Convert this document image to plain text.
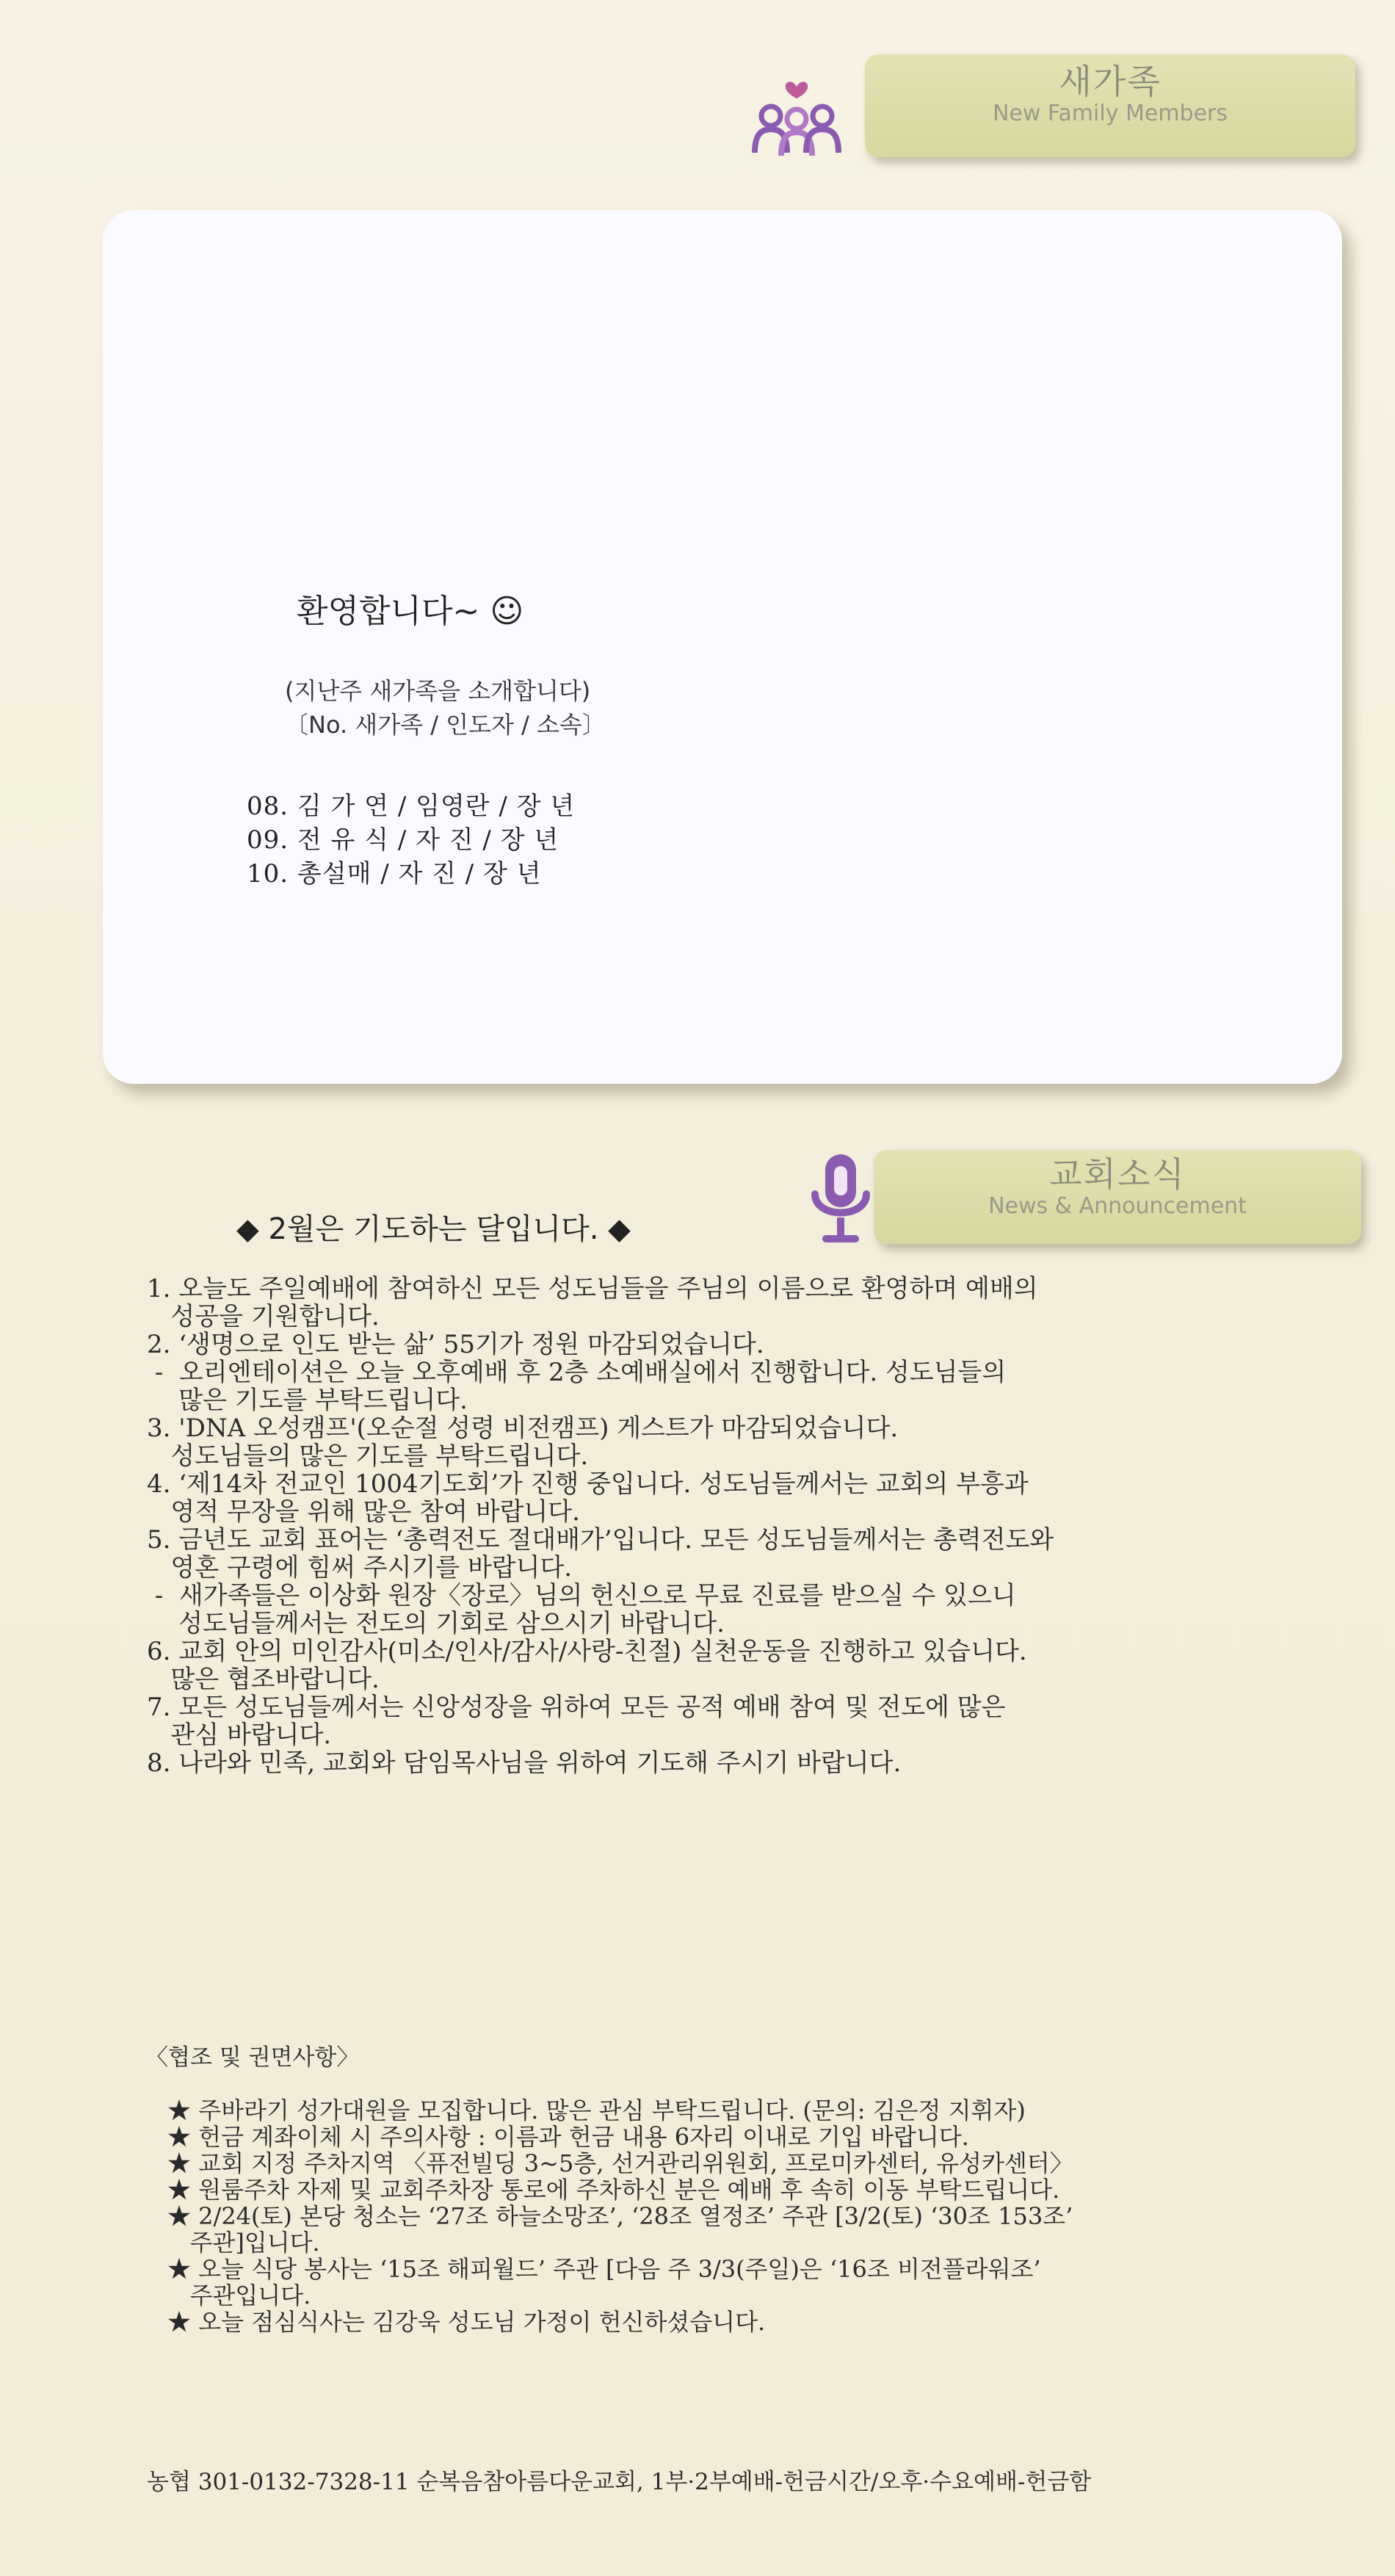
새가족
New Family Members
환영합니다~ ☺
(지난주 새가족을 소개합니다)
〔No. 새가족 / 인도자 / 소속〕
08. 김 가 연 / 임영란 / 장 년
09. 전 유 식 / 자 진 / 장 년
10. 총설매 / 자 진 / 장 년
◆ 2월은 기도하는 달입니다. ◆
교회소식
News & Announcement
1. 오늘도 주일예배에 참여하신 모든 성도님들을 주님의 이름으로 환영하며 예배의
성공을 기원합니다.
2. ‘생명으로 인도 받는 삶’ 55기가 정원 마감되었습니다.
-  오리엔테이션은 오늘 오후예배 후 2층 소예배실에서 진행합니다. 성도님들의
많은 기도를 부탁드립니다.
3. 'DNA 오성캠프'(오순절 성령 비전캠프) 게스트가 마감되었습니다.
성도님들의 많은 기도를 부탁드립니다.
4. ‘제14차 전교인 1004기도회’가 진행 중입니다. 성도님들께서는 교회의 부흥과
영적 무장을 위해 많은 참여 바랍니다.
5. 금년도 교회 표어는 ‘총력전도 절대배가’입니다. 모든 성도님들께서는 총력전도와
영혼 구령에 힘써 주시기를 바랍니다.
-  새가족들은 이상화 원장〈장로〉님의 헌신으로 무료 진료를 받으실 수 있으니
성도님들께서는 전도의 기회로 삼으시기 바랍니다.
6. 교회 안의 미인감사(미소/인사/감사/사랑-친절) 실천운동을 진행하고 있습니다.
많은 협조바랍니다.
7. 모든 성도님들께서는 신앙성장을 위하여 모든 공적 예배 참여 및 전도에 많은
관심 바랍니다.
8. 나라와 민족, 교회와 담임목사님을 위하여 기도해 주시기 바랍니다.
〈협조 및 권면사항〉
★ 주바라기 성가대원을 모집합니다. 많은 관심 부탁드립니다. (문의: 김은정 지휘자)
★ 헌금 계좌이체 시 주의사항 : 이름과 헌금 내용 6자리 이내로 기입 바랍니다.
★ 교회 지정 주차지역 〈퓨전빌딩 3~5층, 선거관리위원회, 프로미카센터, 유성카센터〉
★ 원룸주차 자제 및 교회주차장 통로에 주차하신 분은 예배 후 속히 이동 부탁드립니다.
★ 2/24(토) 본당 청소는 ‘27조 하늘소망조’, ‘28조 열정조’ 주관 [3/2(토) ‘30조 153조’
주관]입니다.
★ 오늘 식당 봉사는 ‘15조 해피월드’ 주관 [다음 주 3/3(주일)은 ‘16조 비전플라워조’
주관입니다.
★ 오늘 점심식사는 김강욱 성도님 가정이 헌신하셨습니다.
농협 301-0132-7328-11 순복음참아름다운교회, 1부·2부예배-헌금시간/오후·수요예배-헌금함
